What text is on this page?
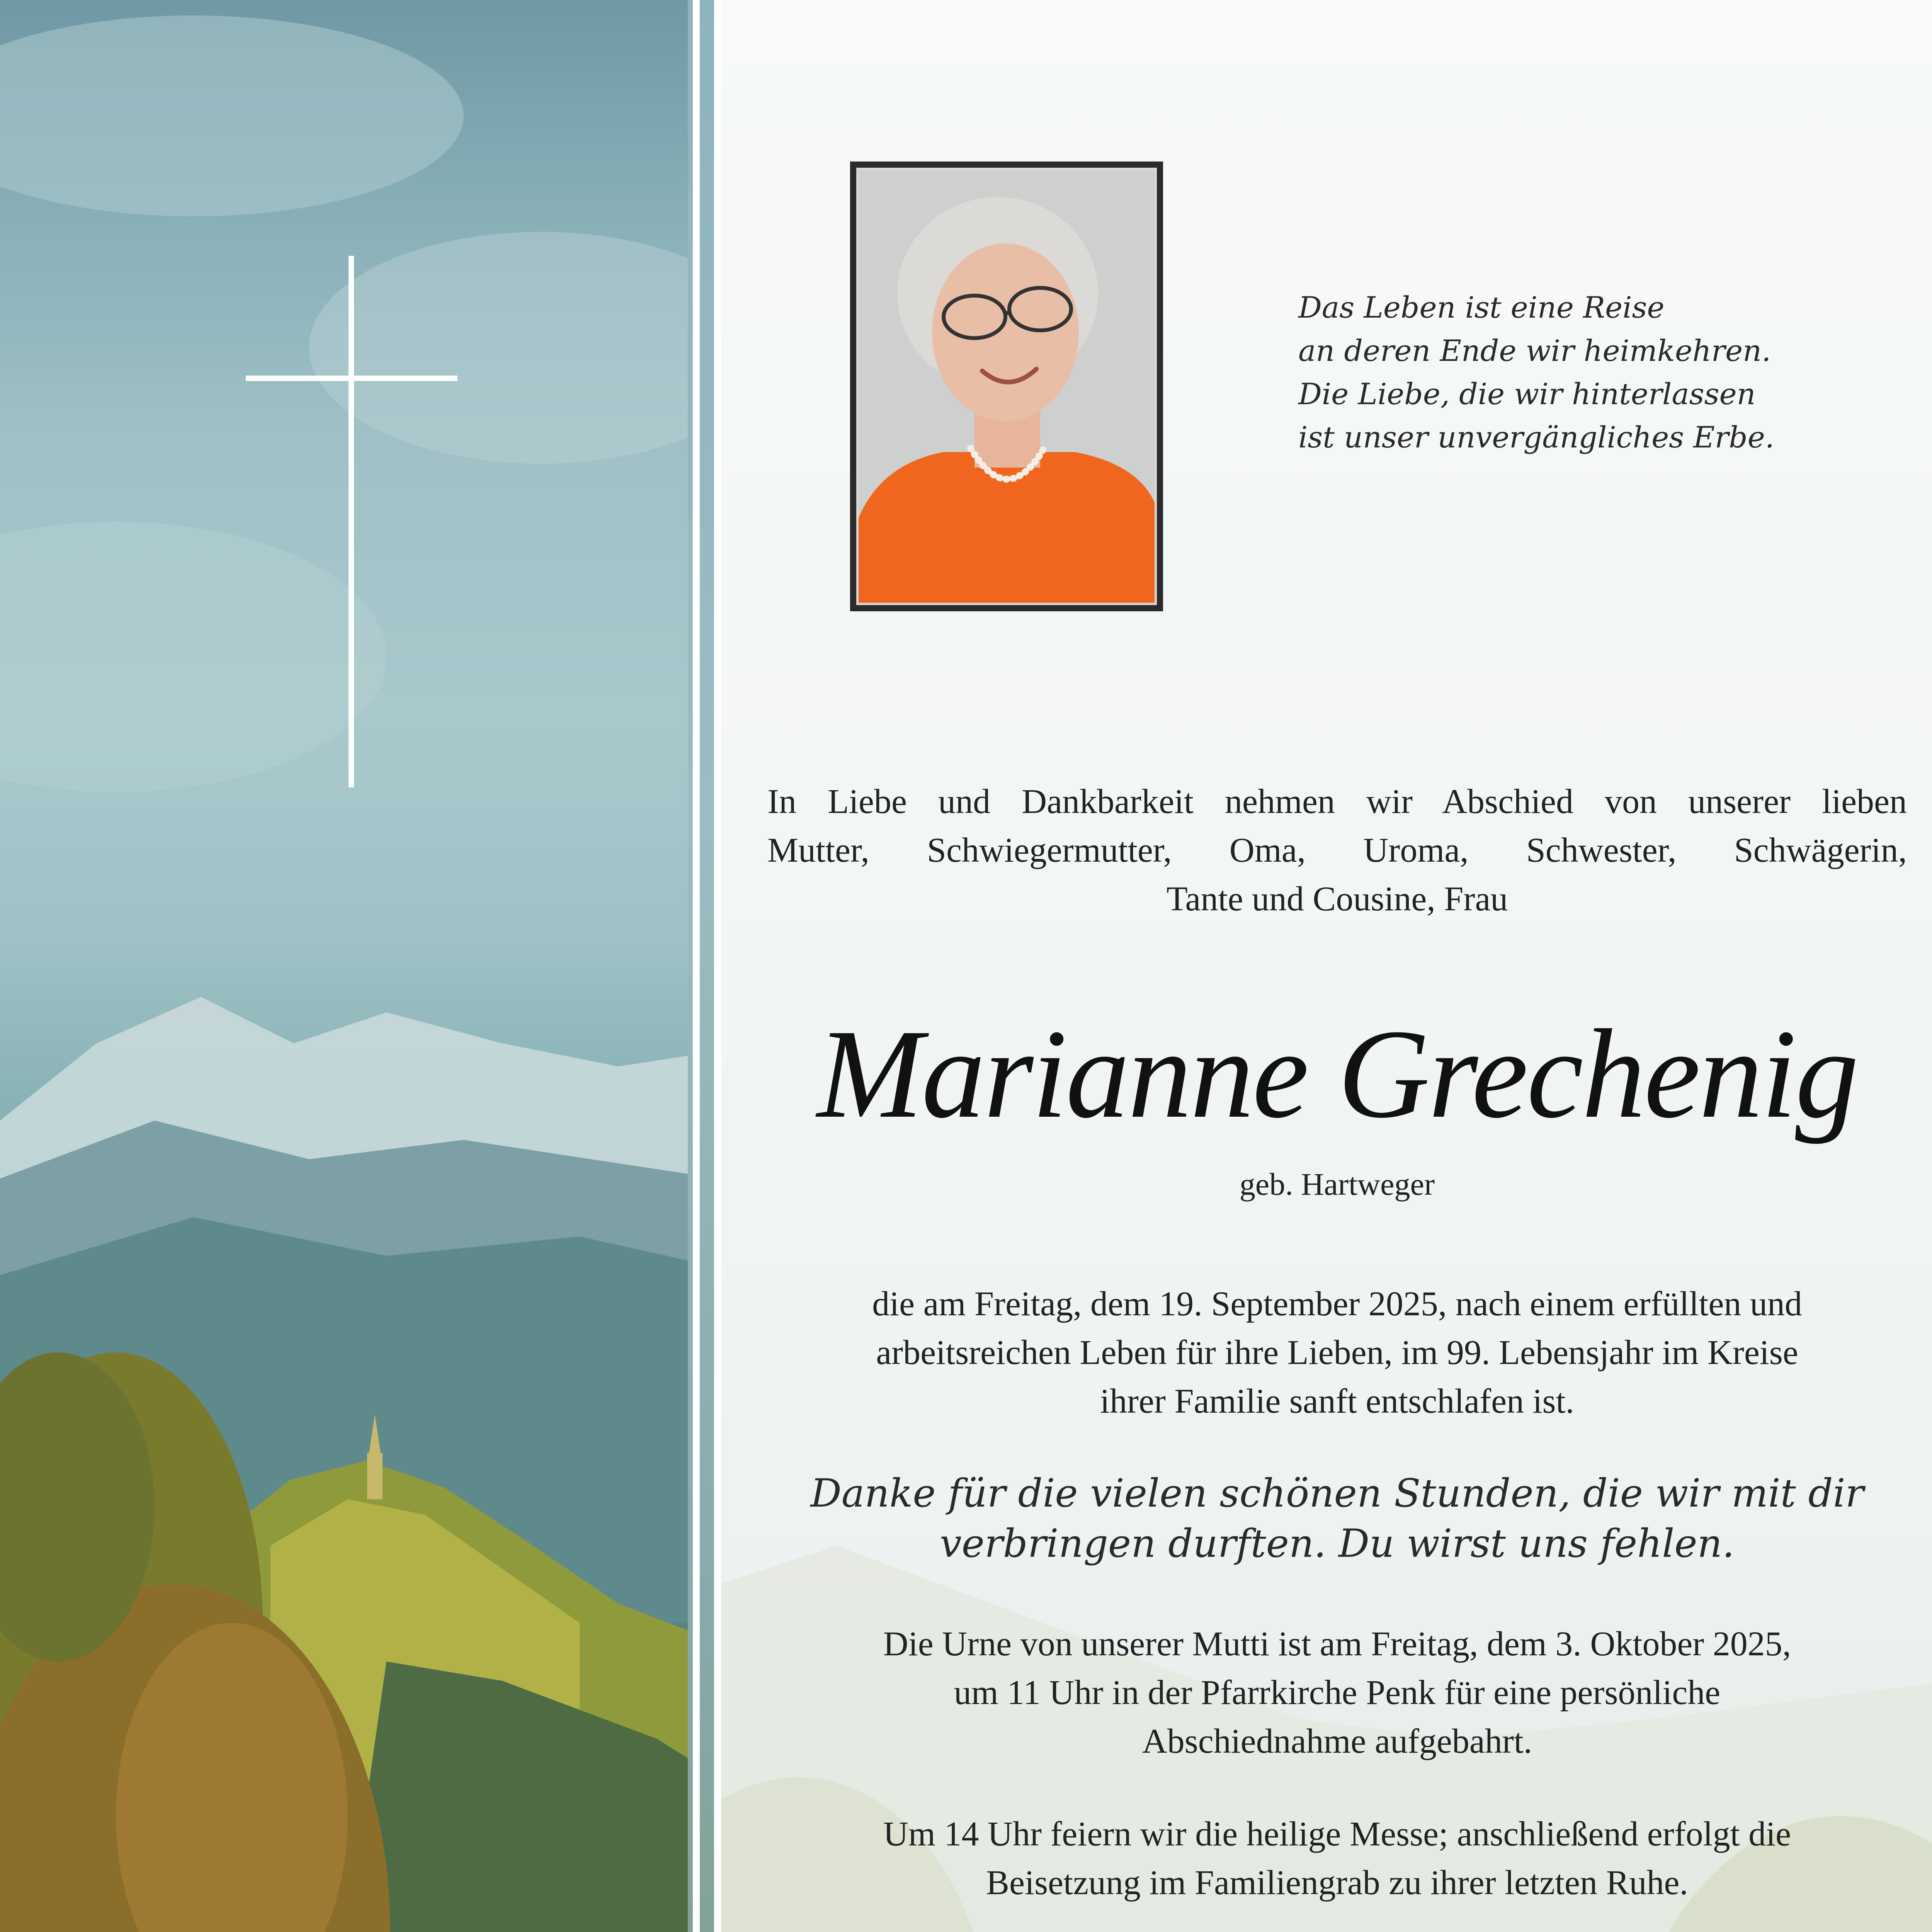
Das Leben ist eine Reise
an deren Ende wir heimkehren.
Die Liebe, die wir hinterlassen
ist unser unvergängliches Erbe.
In Liebe und Dankbarkeit nehmen wir Abschied von unserer lieben
Mutter, Schwiegermutter, Oma, Uroma, Schwester, Schwägerin,
Tante und Cousine, Frau
Marianne Grechenig
geb. Hartweger
die am Freitag, dem 19. September 2025, nach einem erfüllten und
arbeitsreichen Leben für ihre Lieben, im 99. Lebensjahr im Kreise
ihrer Familie sanft entschlafen ist.
Danke für die vielen schönen Stunden, die wir mit dir
verbringen durften. Du wirst uns fehlen.
Die Urne von unserer Mutti ist am Freitag, dem 3. Oktober 2025,
um 11 Uhr in der Pfarrkirche Penk für eine persönliche
Abschiednahme aufgebahrt.
Um 14 Uhr feiern wir die heilige Messe; anschließend erfolgt die
Beisetzung im Familiengrab zu ihrer letzten Ruhe.
